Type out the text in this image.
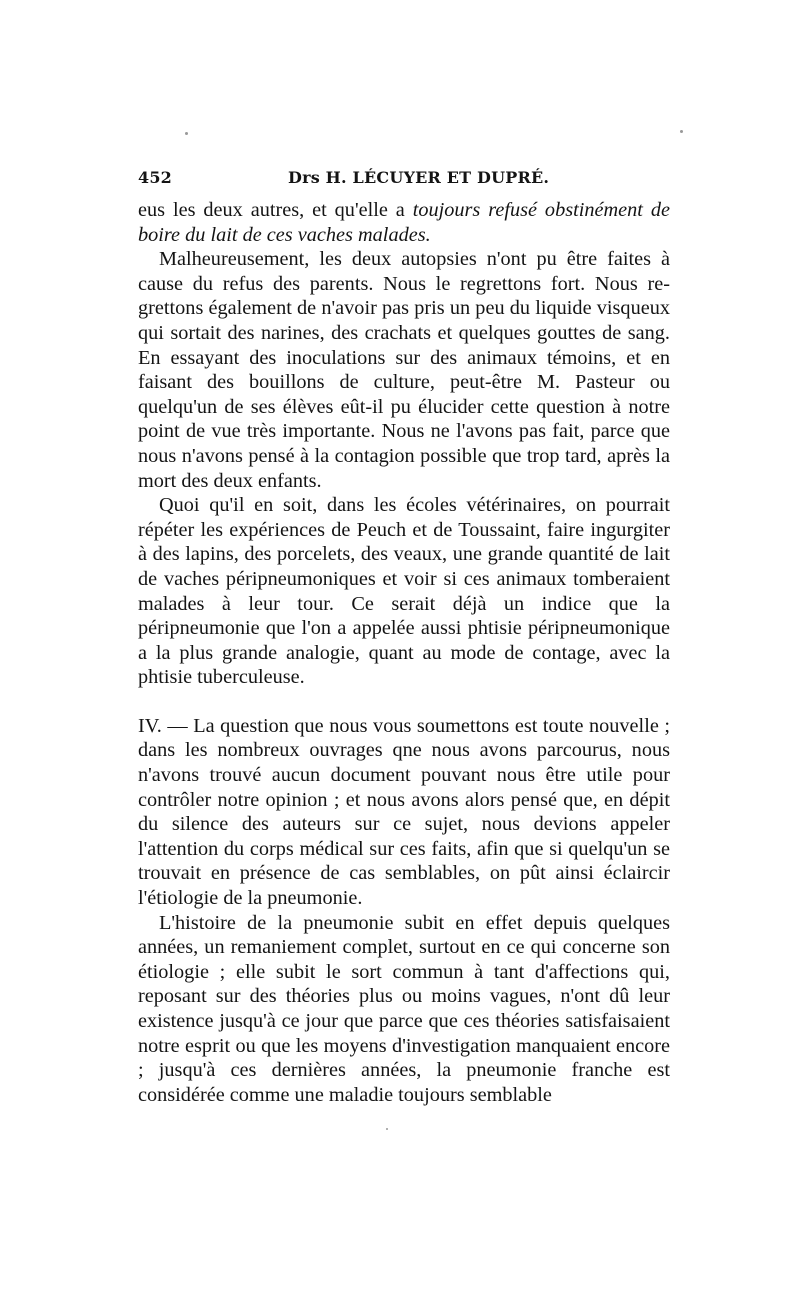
452	Drs H. LÉCUYER ET DUPRÉ.

eus les deux autres, et qu'elle a toujours refusé obstinément de boire du lait de ces vaches malades.

Malheureusement, les deux autopsies n'ont pu être faites à cause du refus des parents. Nous le regrettons fort. Nous regrettons également de n'avoir pas pris un peu du liquide visqueux qui sortait des narines, des crachats et quelques gouttes de sang. En essayant des inoculations sur des animaux témoins, et en faisant des bouillons de culture, peut-être M. Pasteur ou quelqu'un de ses élèves eût-il pu élucider cette question à notre point de vue très importante. Nous ne l'avons pas fait, parce que nous n'avons pensé à la contagion possible que trop tard, après la mort des deux enfants.

Quoi qu'il en soit, dans les écoles vétérinaires, on pourrait répéter les expériences de Peuch et de Toussaint, faire ingurgiter à des lapins, des porcelets, des veaux, une grande quantité de lait de vaches péripneumoniques et voir si ces animaux tomberaient malades à leur tour. Ce serait déjà un indice que la péripneumonie que l'on a appelée aussi phtisie péripneumonique a la plus grande analogie, quant au mode de contage, avec la phtisie tuberculeuse.

IV. — La question que nous vous soumettons est toute nouvelle ; dans les nombreux ouvrages qne nous avons parcourus, nous n'avons trouvé aucun document pouvant nous être utile pour contrôler notre opinion ; et nous avons alors pensé que, en dépit du silence des auteurs sur ce sujet, nous devions appeler l'attention du corps médical sur ces faits, afin que si quelqu'un se trouvait en présence de cas semblables, on pût ainsi éclaircir l'étiologie de la pneumonie.

L'histoire de la pneumonie subit en effet depuis quelques années, un remaniement complet, surtout en ce qui concerne son étiologie ; elle subit le sort commun à tant d'affections qui, reposant sur des théories plus ou moins vagues, n'ont dû leur existence jusqu'à ce jour que parce que ces théories satisfaisaient notre esprit ou que les moyens d'investigation manquaient encore ; jusqu'à ces dernières années, la pneumonie franche est considérée comme une maladie toujours semblable
